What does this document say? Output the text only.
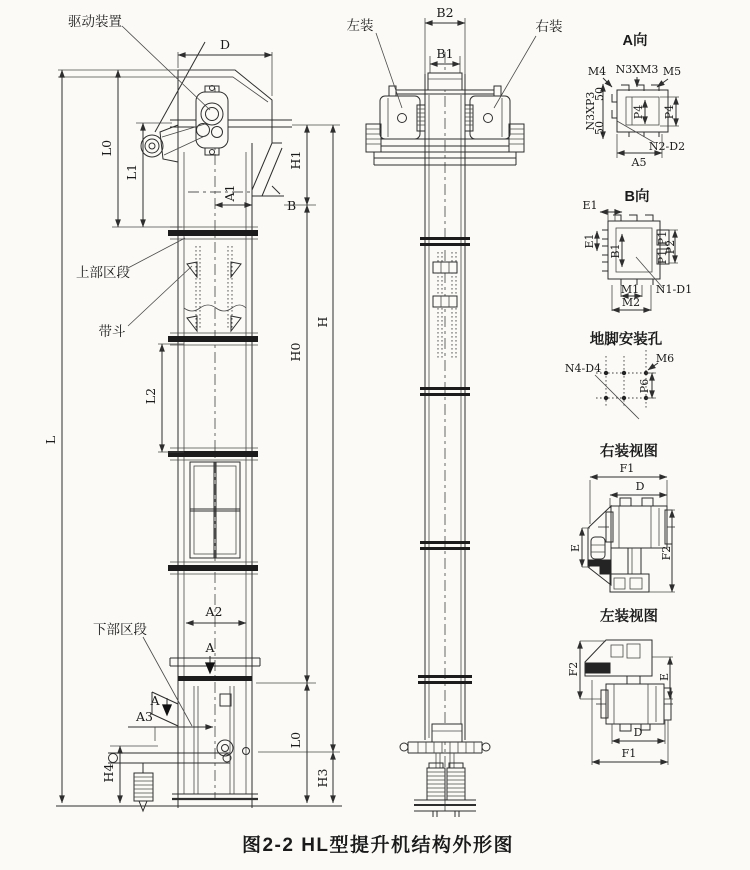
驱动装置
上部区段
带斗
下部区段
D
L
L0
L1
A1
B
H1
H0
L0
H
H3
L2
A2
A
A
A3
H4
B2
B1
左装	右装
A向
M4 N3XM3 M5
50
N3XP3
50
P4 P4
N2-D2
A5
B向
P1
P1
B1
E1
E1	P2
M1
M2
N1-D1
地脚安装孔
M6
P6
N4-D4
右装视图
F1
D
E	F2
左装视图
F2
E
D
F1
图2-2 HL型提升机结构外形图
